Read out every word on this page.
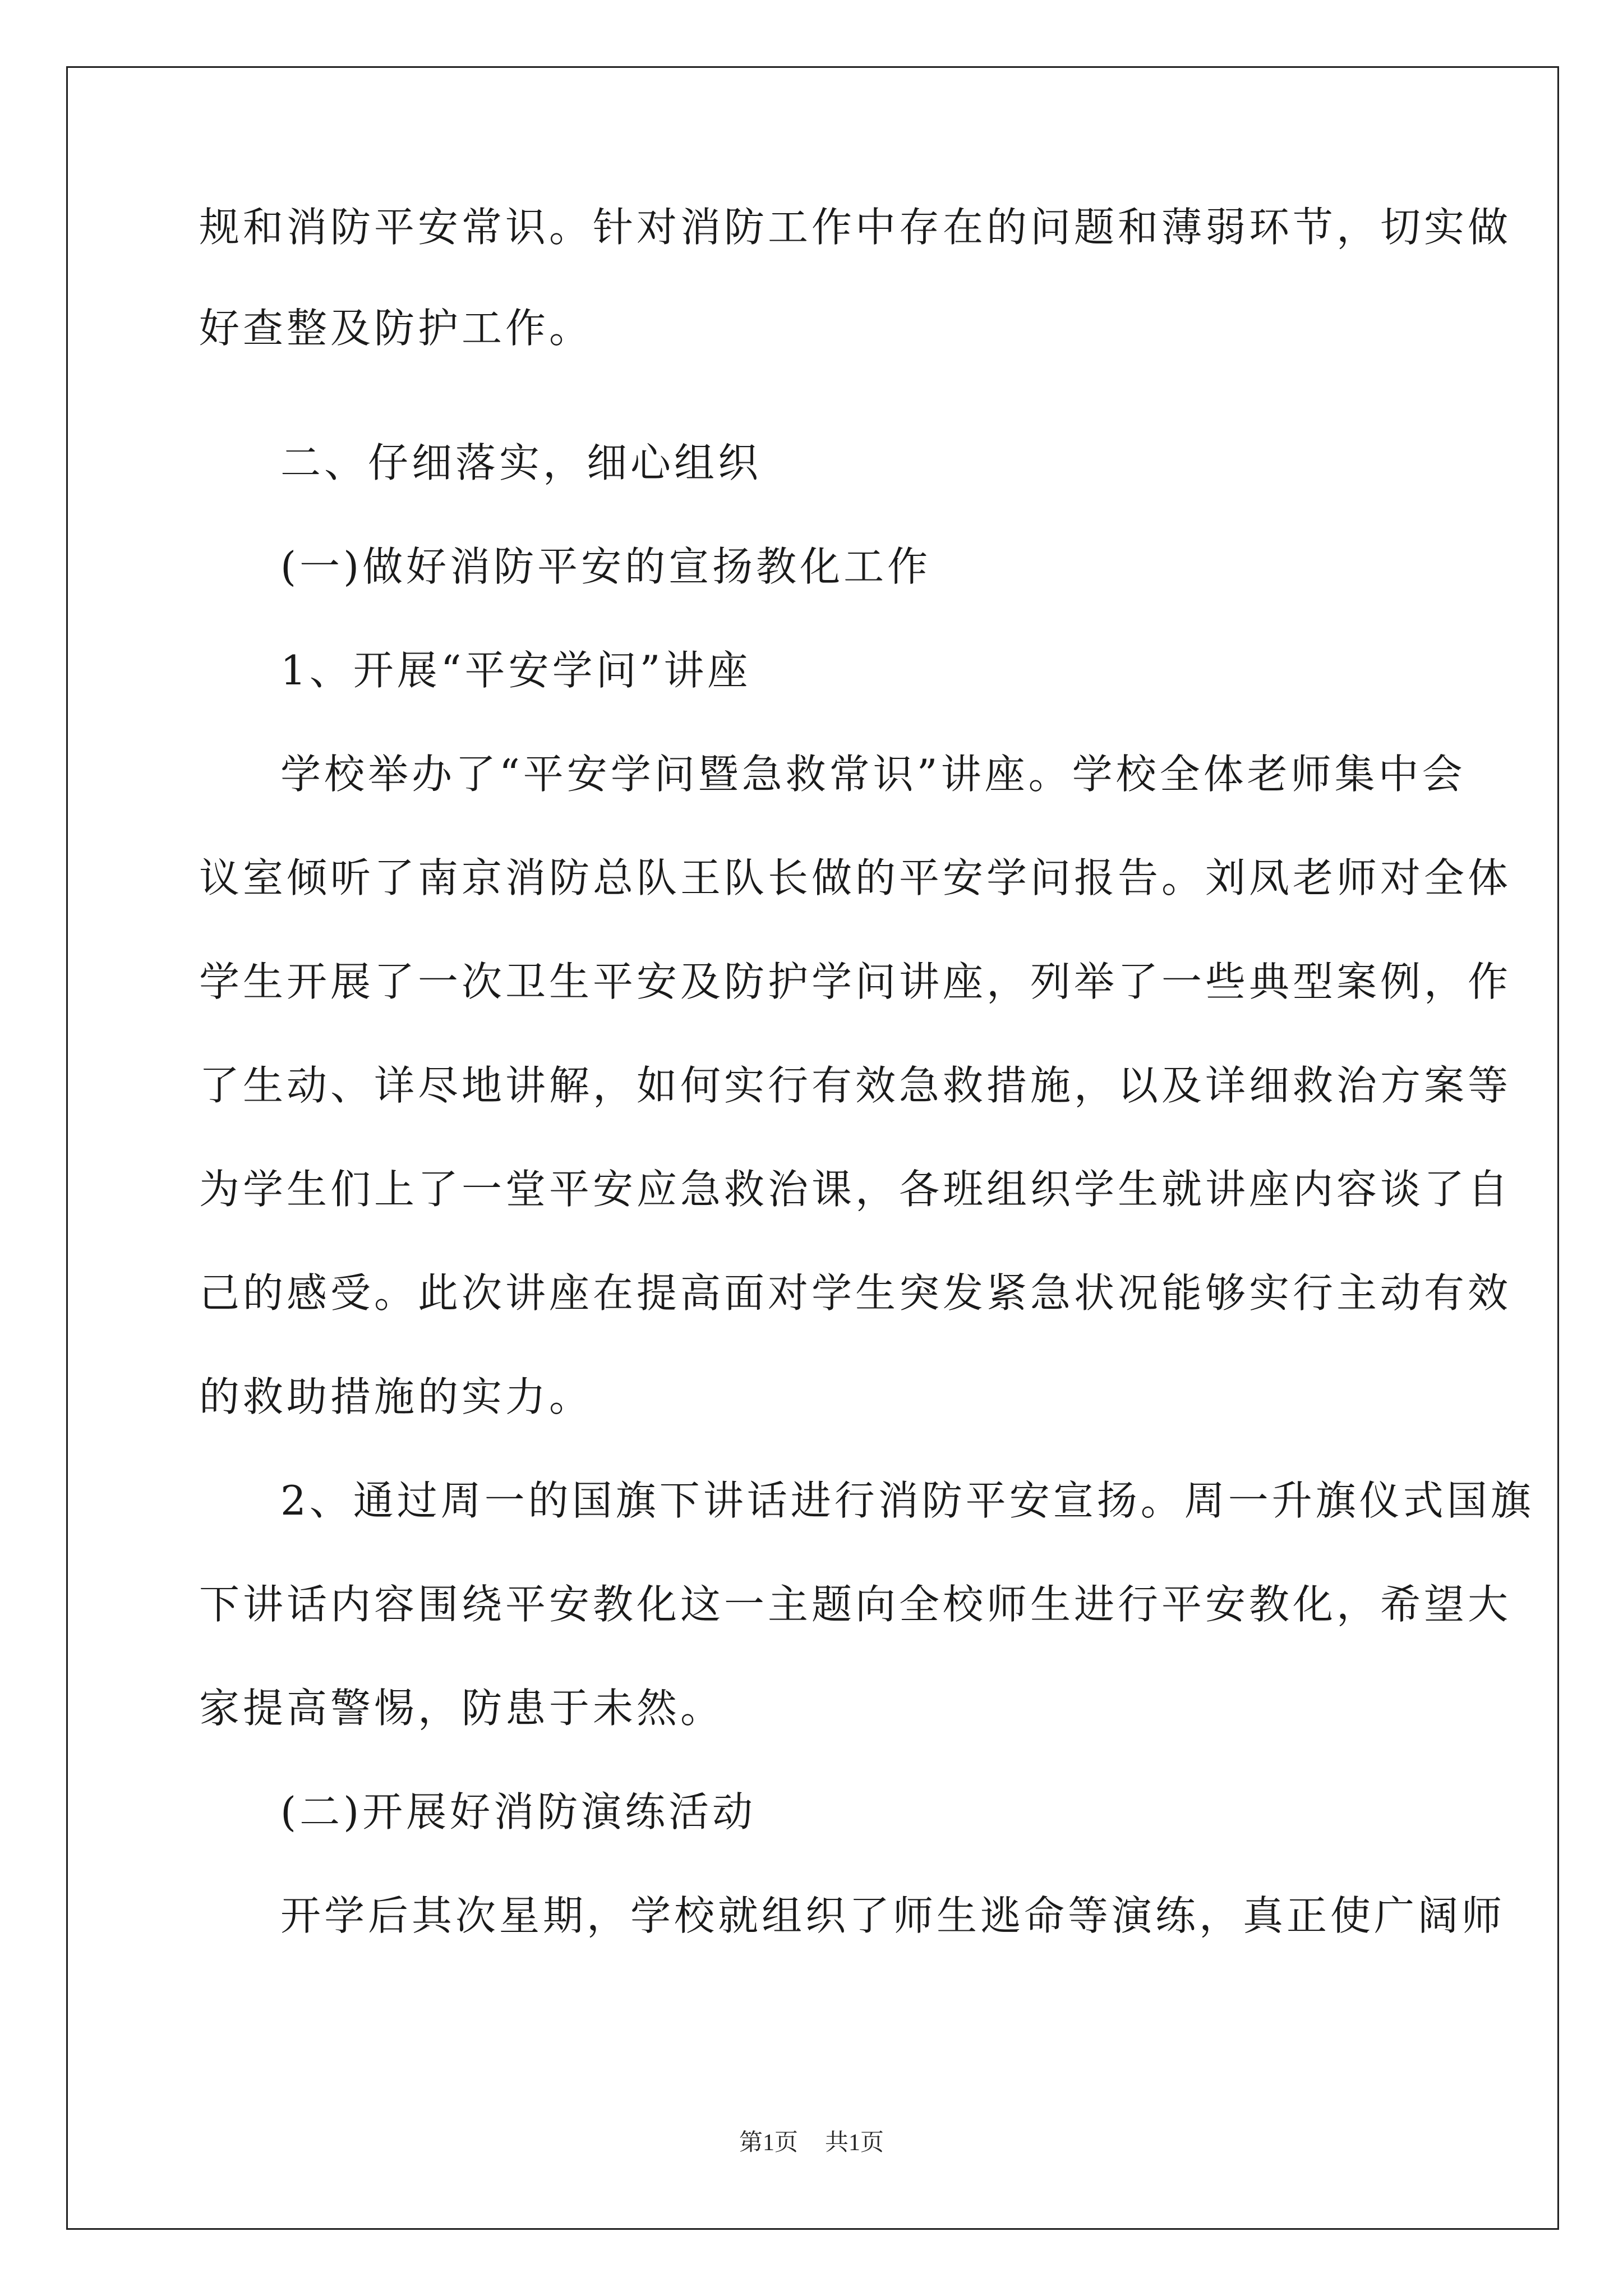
规和消防平安常识。针对消防工作中存在的问题和薄弱环节，切实做
好查整及防护工作。
二、仔细落实，细心组织
(一)做好消防平安的宣扬教化工作
1、开展“平安学问”讲座
学校举办了“平安学问暨急救常识”讲座。学校全体老师集中会
议室倾听了南京消防总队王队长做的平安学问报告。刘凤老师对全体
学生开展了一次卫生平安及防护学问讲座，列举了一些典型案例，作
了生动、详尽地讲解，如何实行有效急救措施，以及详细救治方案等
为学生们上了一堂平安应急救治课，各班组织学生就讲座内容谈了自
己的感受。此次讲座在提高面对学生突发紧急状况能够实行主动有效
的救助措施的实力。
2、通过周一的国旗下讲话进行消防平安宣扬。周一升旗仪式国旗
下讲话内容围绕平安教化这一主题向全校师生进行平安教化，希望大
家提高警惕，防患于未然。
(二)开展好消防演练活动
开学后其次星期，学校就组织了师生逃命等演练，真正使广阔师
第1页 共1页
